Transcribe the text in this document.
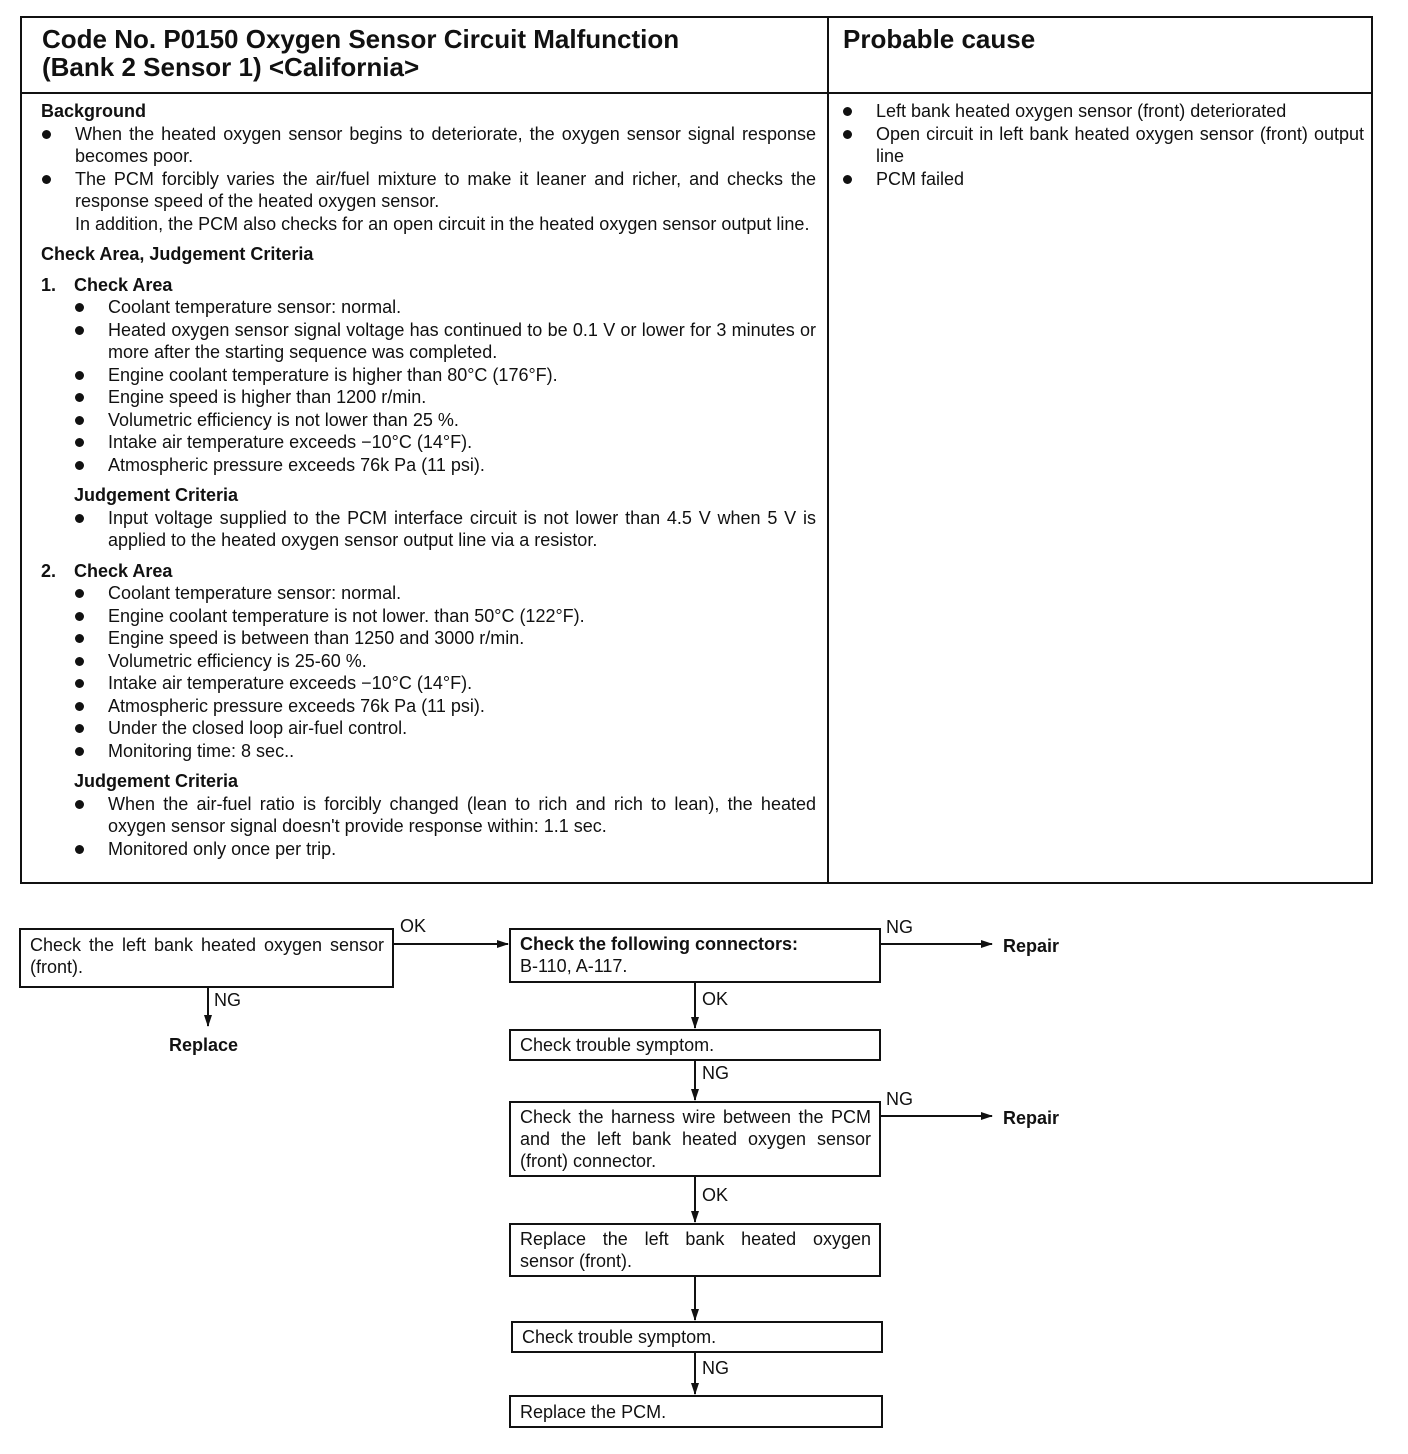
Code No. P0150 Oxygen Sensor Circuit Malfunction
(Bank 2 Sensor 1) <California>
Probable cause
Background
When the heated oxygen sensor begins to deteriorate, the oxygen sensor signal response becomes poor.
The PCM forcibly varies the air/fuel mixture to make it leaner and richer, and checks the response speed of the heated oxygen sensor.
In addition, the PCM also checks for an open circuit in the heated oxygen sensor output line.
Check Area, Judgement Criteria
1. Check Area
Coolant temperature sensor: normal.
Heated oxygen sensor signal voltage has continued to be 0.1 V or lower for 3 minutes or more after the starting sequence was completed.
Engine coolant temperature is higher than 80°C (176°F).
Engine speed is higher than 1200 r/min.
Volumetric efficiency is not lower than 25 %.
Intake air temperature exceeds −10°C (14°F).
Atmospheric pressure exceeds 76k Pa (11 psi).
Judgement Criteria
Input voltage supplied to the PCM interface circuit is not lower than 4.5 V when 5 V is applied to the heated oxygen sensor output line via a resistor.
2. Check Area
Coolant temperature sensor: normal.
Engine coolant temperature is not lower. than 50°C (122°F).
Engine speed is between than 1250 and 3000 r/min.
Volumetric efficiency is 25-60 %.
Intake air temperature exceeds −10°C (14°F).
Atmospheric pressure exceeds 76k Pa (11 psi).
Under the closed loop air-fuel control.
Monitoring time: 8 sec..
Judgement Criteria
When the air-fuel ratio is forcibly changed (lean to rich and rich to lean), the heated oxygen sensor signal doesn't provide response within: 1.1 sec.
Monitored only once per trip.
Left bank heated oxygen sensor (front) deteriorated
Open circuit in left bank heated oxygen sensor (front) output line
PCM failed
Check the left bank heated oxygen sensor (front).
Check the following connectors:
B-110, A-117.
Check trouble symptom.
Check the harness wire between the PCM and the left bank heated oxygen sensor (front) connector.
Replace the left bank heated oxygen sensor (front).
Check trouble symptom.
Replace the PCM.
OK	NG
NG	OK
NG
NG
OK
NG
Repair
Repair
Replace
